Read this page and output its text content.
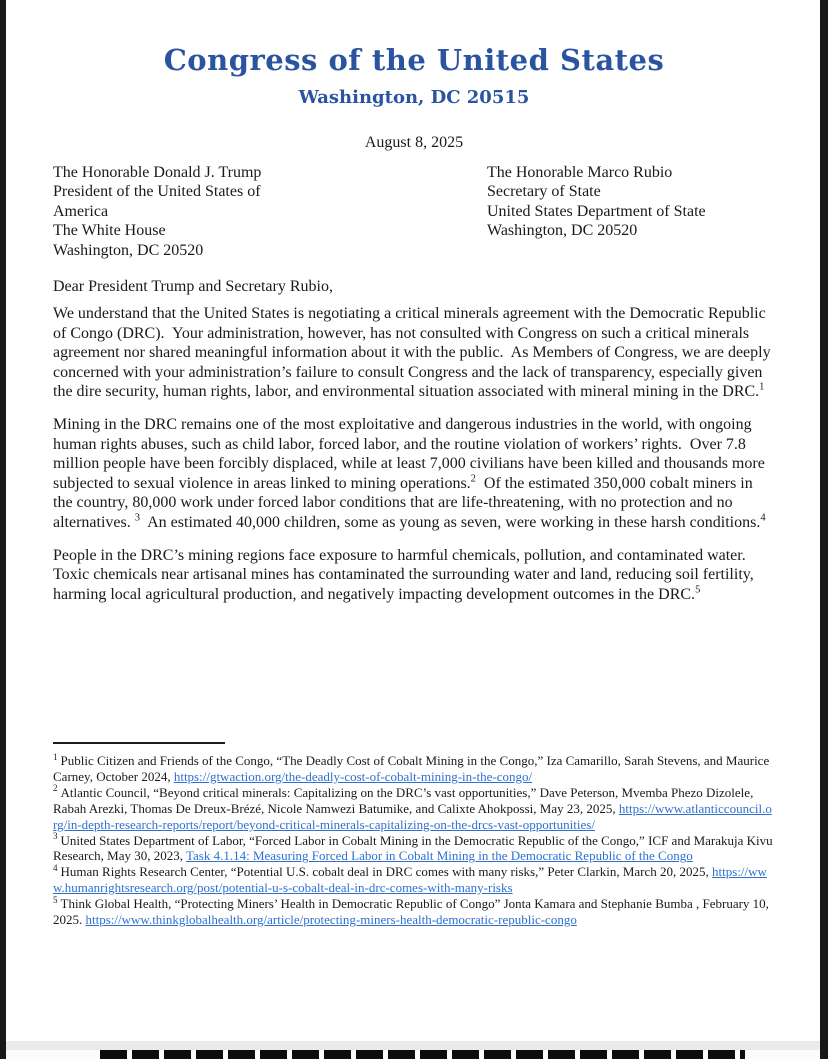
Congress of the United States
Washington, DC 20515
August 8, 2025
The Honorable Donald J. Trump
President of the United States of
America
The White House
Washington, DC 20520
The Honorable Marco Rubio
Secretary of State
United States Department of State
Washington, DC 20520
Dear President Trump and Secretary Rubio,

We understand that the United States is negotiating a critical minerals agreement with the Democratic Republic of Congo (DRC).  Your administration, however, has not consulted with Congress on such a critical minerals agreement nor shared meaningful information about it with the public.  As Members of Congress, we are deeply concerned with your administration’s failure to consult Congress and the lack of transparency, especially given the dire security, human rights, labor, and environmental situation associated with mineral mining in the DRC.$^1$

Mining in the DRC remains one of the most exploitative and dangerous industries in the world, with ongoing human rights abuses, such as child labor, forced labor, and the routine violation of workers’ rights.  Over 7.8 million people have been forcibly displaced, while at least 7,000 civilians have been killed and thousands more subjected to sexual violence in areas linked to mining operations.$^2$  Of the estimated 350,000 cobalt miners in the country, 80,000 work under forced labor conditions that are life-threatening, with no protection and no alternatives. $^3$  An estimated 40,000 children, some as young as seven, were working in these harsh conditions.$^4$

People in the DRC’s mining regions face exposure to harmful chemicals, pollution, and contaminated water.  Toxic chemicals near artisanal mines has contaminated the surrounding water and land, reducing soil fertility, harming local agricultural production, and negatively impacting development outcomes in the DRC.$^5$

$^1$ Public Citizen and Friends of the Congo, “The Deadly Cost of Cobalt Mining in the Congo,” Iza Camarillo, Sarah Stevens, and Maurice Carney, October 2024, https://gtwaction.org/the-deadly-cost-of-cobalt-mining-in-the-congo/
$^2$ Atlantic Council, “Beyond critical minerals: Capitalizing on the DRC’s vast opportunities,” Dave Peterson, Mvemba Phezo Dizolele, Rabah Arezki, Thomas De Dreux-Brézé, Nicole Namwezi Batumike, and Calixte Ahokpossi, May 23, 2025, https://www.atlanticcouncil.org/in-depth-research-reports/report/beyond-critical-minerals-capitalizing-on-the-drcs-vast-opportunities/
$^3$ United States Department of Labor, “Forced Labor in Cobalt Mining in the Democratic Republic of the Congo,” ICF and Marakuja Kivu Research, May 30, 2023, Task 4.1.14: Measuring Forced Labor in Cobalt Mining in the Democratic Republic of the Congo
$^4$ Human Rights Research Center, “Potential U.S. cobalt deal in DRC comes with many risks,” Peter Clarkin, March 20, 2025, https://www.humanrightsresearch.org/post/potential-u-s-cobalt-deal-in-drc-comes-with-many-risks
$^5$ Think Global Health, “Protecting Miners’ Health in Democratic Republic of Congo” Jonta Kamara and Stephanie Bumba , February 10, 2025. https://www.thinkglobalhealth.org/article/protecting-miners-health-democratic-republic-congo
